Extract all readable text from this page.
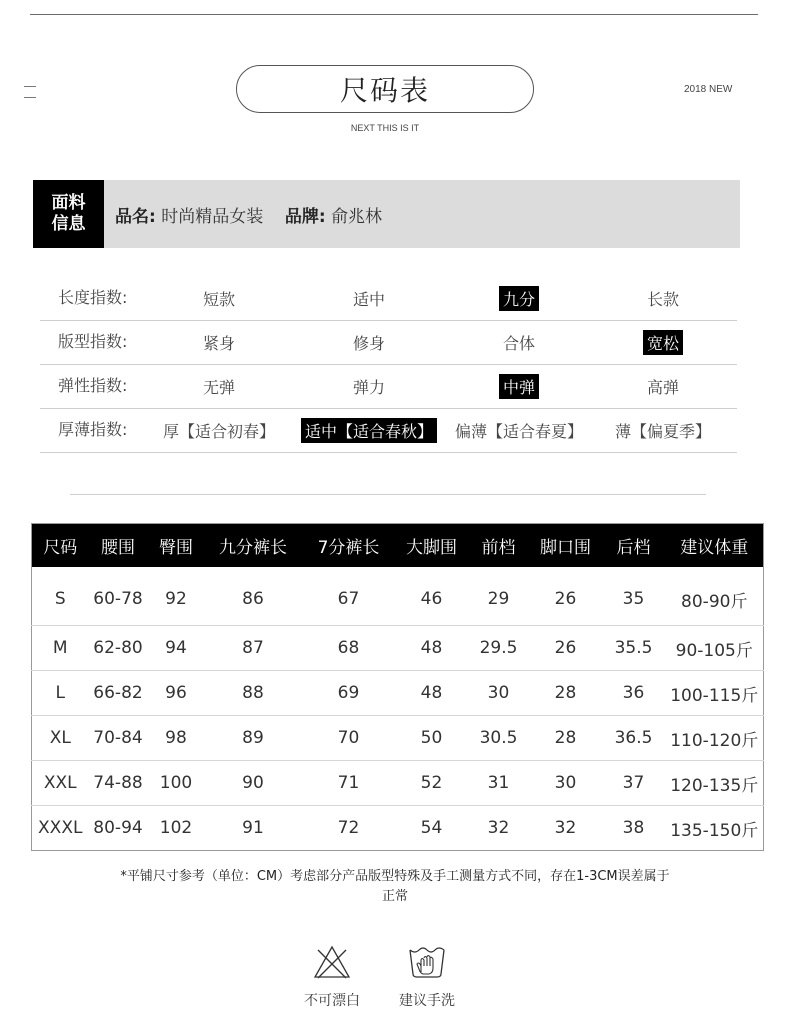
尺码表	2018 NEW
NEXT THIS IS IT
面料
信息 品名: 时尚精品女装 品牌: 俞兆林
长度指数:	短款	适中	九分	长款
版型指数:	紧身	修身	合体	宽松
弹性指数:	无弹	弹力	中弹	高弹
厚薄指数: 厚【适合初春】 适中【适合春秋】 偏薄【适合春夏】 薄【偏夏季】
尺码	腰围	臀围	九分裤长	7分裤长	大脚围	前档	脚口围	后档	建议体重
S	60-78	92	86	67	46	29	26	35	80-90斤
M	62-80	94	87	68	48	29.5	26	35.5	90-105斤
L	66-82	96	88	69	48	30	28	36	100-115斤
XL	70-84	98	89	70	50	30.5	28	36.5	110-120斤
XXL	74-88	100	90	71	52	31	30	37	120-135斤
XXXL	80-94	102	91	72	54	32	32	38	135-150斤
*平铺尺寸参考（单位：CM）考虑部分产品版型特殊及手工测量方式不同，存在1-3CM误差属于
正常
不可漂白	建议手洗
